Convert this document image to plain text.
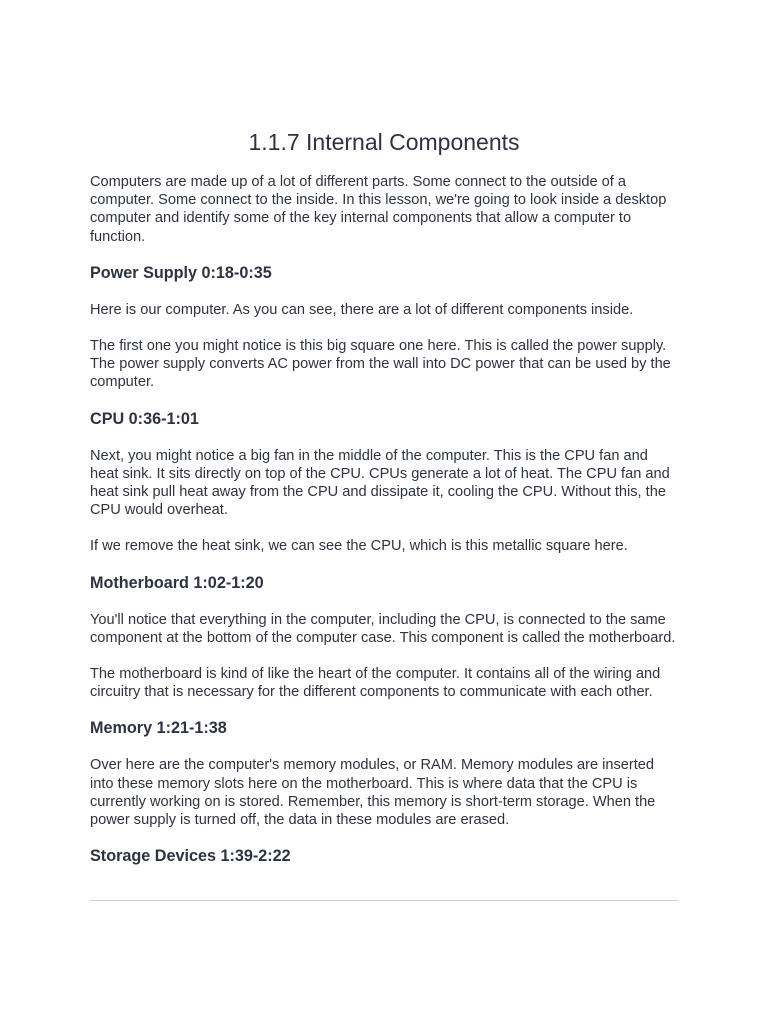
1.1.7 Internal Components

Computers are made up of a lot of different parts. Some connect to the outside of a computer. Some connect to the inside. In this lesson, we're going to look inside a desktop computer and identify some of the key internal components that allow a computer to function.

Power Supply 0:18-0:35

Here is our computer. As you can see, there are a lot of different components inside.

The first one you might notice is this big square one here. This is called the power supply. The power supply converts AC power from the wall into DC power that can be used by the computer.

CPU 0:36-1:01

Next, you might notice a big fan in the middle of the computer. This is the CPU fan and heat sink. It sits directly on top of the CPU. CPUs generate a lot of heat. The CPU fan and heat sink pull heat away from the CPU and dissipate it, cooling the CPU. Without this, the CPU would overheat.

If we remove the heat sink, we can see the CPU, which is this metallic square here.

Motherboard 1:02-1:20

You'll notice that everything in the computer, including the CPU, is connected to the same component at the bottom of the computer case. This component is called the motherboard.

The motherboard is kind of like the heart of the computer. It contains all of the wiring and circuitry that is necessary for the different components to communicate with each other.

Memory 1:21-1:38

Over here are the computer's memory modules, or RAM. Memory modules are inserted into these memory slots here on the motherboard. This is where data that the CPU is currently working on is stored. Remember, this memory is short-term storage. When the power supply is turned off, the data in these modules are erased.

Storage Devices 1:39-2:22
